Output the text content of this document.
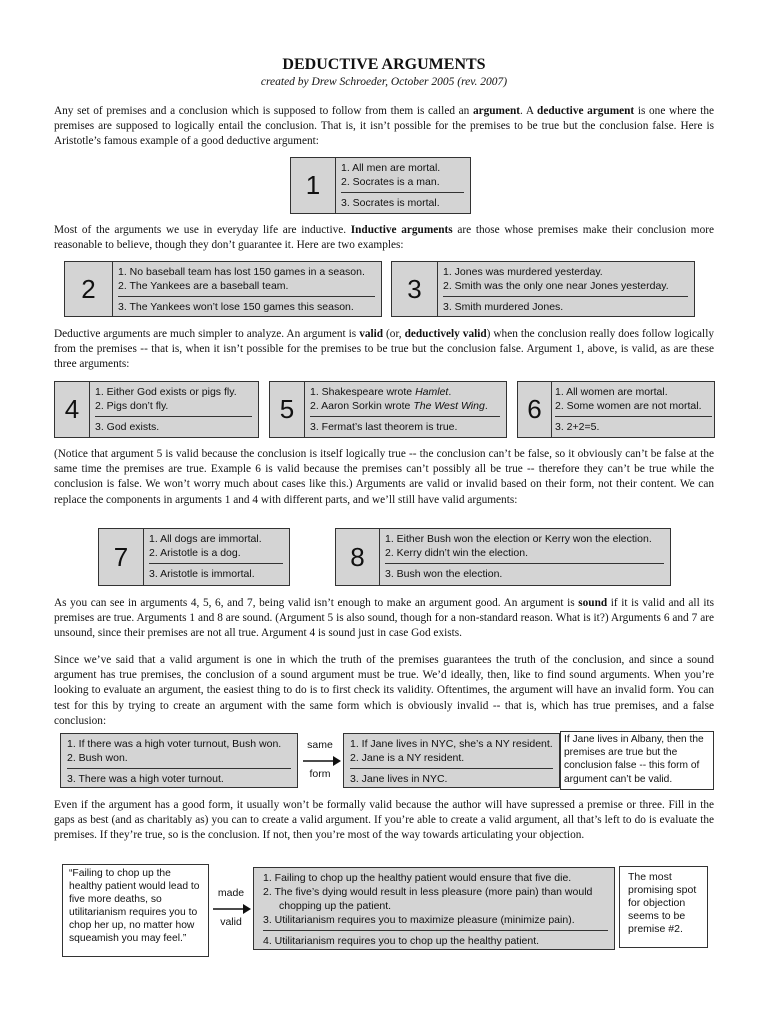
DEDUCTIVE ARGUMENTS
created by Drew Schroeder, October 2005 (rev. 2007)

Any set of premises and a conclusion which is supposed to follow from them is called an argument. A deductive argument is one where the premises are supposed to logically entail the conclusion. That is, it isn’t possible for the premises to be true but the conclusion false. Here is Aristotle’s famous example of a good deductive argument:

1
1. All men are mortal.
2. Socrates is a man.
3. Socrates is mortal.

Most of the arguments we use in everyday life are inductive. Inductive arguments are those whose premises make their conclusion more reasonable to believe, though they don’t guarantee it. Here are two examples:

2
1. No baseball team has lost 150 games in a season.
2. The Yankees are a baseball team.
3. The Yankees won’t lose 150 games this season.
3
1. Jones was murdered yesterday.
2. Smith was the only one near Jones yesterday.
3. Smith murdered Jones.

Deductive arguments are much simpler to analyze. An argument is valid (or, deductively valid) when the conclusion really does follow logically from the premises -- that is, when it isn’t possible for the premises to be true but the conclusion false. Argument 1, above, is valid, as are these three arguments:

4
1. Either God exists or pigs fly.
2. Pigs don’t fly.
3. God exists.
5
1. Shakespeare wrote Hamlet.
2. Aaron Sorkin wrote The West Wing.
3. Fermat’s last theorem is true.
6
1. All women are mortal.
2. Some women are not mortal.
3. 2+2=5.

(Notice that argument 5 is valid because the conclusion is itself logically true -- the conclusion can’t be false, so it obviously can’t be false at the same time the premises are true. Example 6 is valid because the premises can’t possibly all be true -- therefore they can’t be true while the conclusion is false. We won’t worry much about cases like this.) Arguments are valid or invalid based on their form, not their content. We can replace the components in arguments 1 and 4 with different parts, and we’ll still have valid arguments:

7
1. All dogs are immortal.
2. Aristotle is a dog.
3. Aristotle is immortal.
8
1. Either Bush won the election or Kerry won the election.
2. Kerry didn’t win the election.
3. Bush won the election.

As you can see in arguments 4, 5, 6, and 7, being valid isn’t enough to make an argument good. An argument is sound if it is valid and all its premises are true. Arguments 1 and 8 are sound. (Argument 5 is also sound, though for a non-standard reason. What is it?) Arguments 6 and 7 are unsound, since their premises are not all true. Argument 4 is sound just in case God exists.

Since we’ve said that a valid argument is one in which the truth of the premises guarantees the truth of the conclusion, and since a sound argument has true premises, the conclusion of a sound argument must be true. We’d ideally, then, like to find sound arguments. When you’re looking to evaluate an argument, the easiest thing to do is to first check its validity. Oftentimes, the argument will have an invalid form. You can test for this by trying to create an argument with the same form which is obviously invalid -- that is, which has true premises, and a false conclusion:

1. If there was a high voter turnout, Bush won.
2. Bush won.
3. There was a high voter turnout.
same
form
1. If Jane lives in NYC, she’s a NY resident.
2. Jane is a NY resident.
3. Jane lives in NYC.
If Jane lives in Albany, then the premises are true but the conclusion false -- this form of argument can’t be valid.

Even if the argument has a good form, it usually won’t be formally valid because the author will have supressed a premise or three. Fill in the gaps as best (and as charitably as) you can to create a valid argument. If you’re able to create a valid argument, all that’s left to do is evaluate the premises. If they’re true, so is the conclusion. If not, then you’re most of the way towards articulating your objection.

“Failing to chop up the healthy patient would lead to five more deaths, so utilitarianism requires you to chop her up, no matter how squeamish you may feel.”
made
valid
1. Failing to chop up the healthy patient would ensure that five die.
2. The five’s dying would result in less pleasure (more pain) than would chopping up the patient.
3. Utilitarianism requires you to maximize pleasure (minimize pain).
4. Utilitarianism requires you to chop up the healthy patient.
The most promising spot for objection seems to be premise #2.
